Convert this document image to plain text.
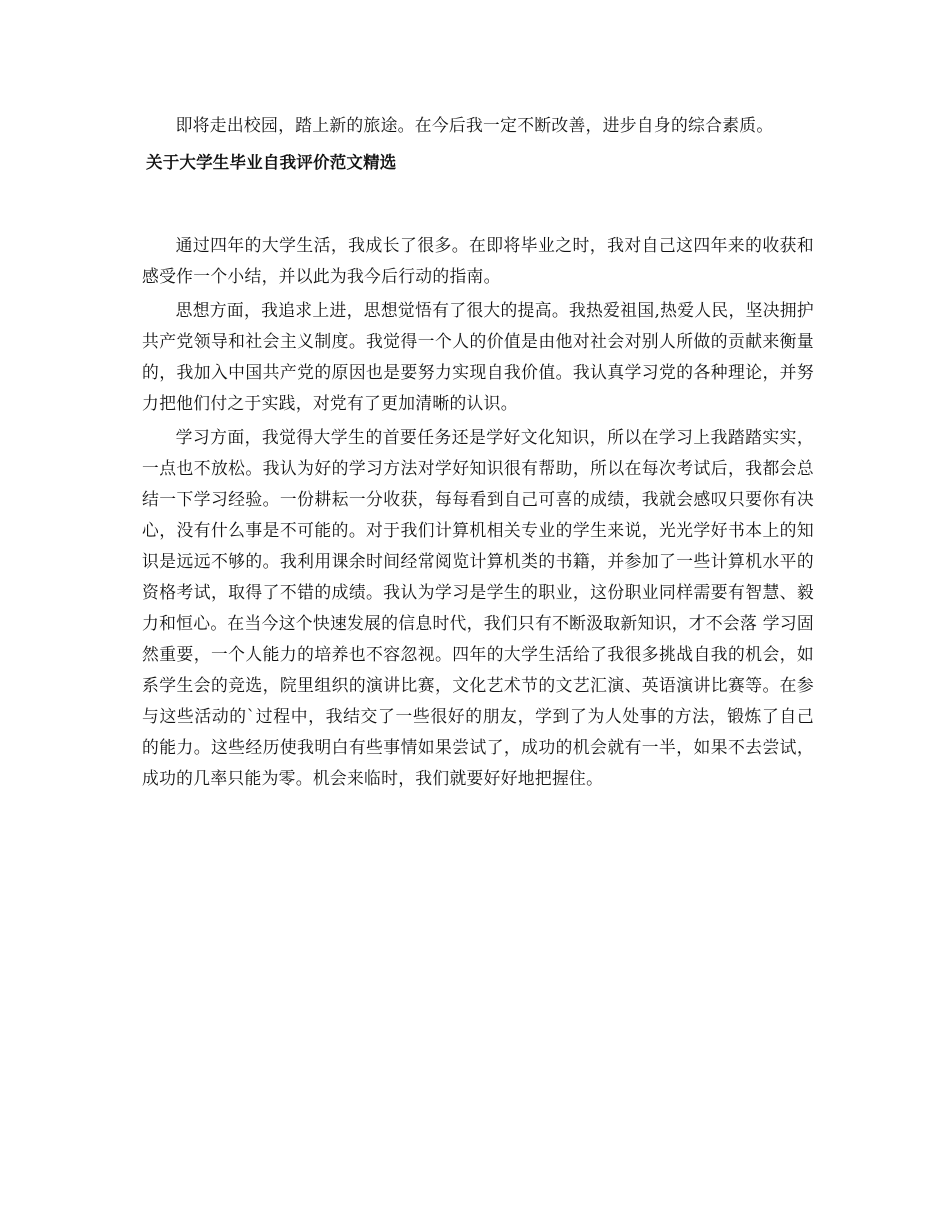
即将走出校园，踏上新的旅途。在今后我一定不断改善，进步自身的综合素质。

关于大学生毕业自我评价范文精选

通过四年的大学生活，我成长了很多。在即将毕业之时，我对自己这四年来的收获和感受作一个小结，并以此为我今后行动的指南。

思想方面，我追求上进，思想觉悟有了很大的提高。我热爱祖国,热爱人民，坚决拥护共产党领导和社会主义制度。我觉得一个人的价值是由他对社会对别人所做的贡献来衡量的，我加入中国共产党的原因也是要努力实现自我价值。我认真学习党的各种理论，并努力把他们付之于实践，对党有了更加清晰的认识。

学习方面，我觉得大学生的首要任务还是学好文化知识，所以在学习上我踏踏实实，一点也不放松。我认为好的学习方法对学好知识很有帮助，所以在每次考试后，我都会总结一下学习经验。一份耕耘一分收获，每每看到自己可喜的成绩，我就会感叹只要你有决心，没有什么事是不可能的。对于我们计算机相关专业的学生来说，光光学好书本上的知识是远远不够的。我利用课余时间经常阅览计算机类的书籍，并参加了一些计算机水平的资格考试，取得了不错的成绩。我认为学习是学生的职业，这份职业同样需要有智慧、毅力和恒心。在当今这个快速发展的信息时代，我们只有不断汲取新知识，才不会落 学习固然重要，一个人能力的培养也不容忽视。四年的大学生活给了我很多挑战自我的机会，如系学生会的竞选，院里组织的演讲比赛，文化艺术节的文艺汇演、英语演讲比赛等。在参与这些活动的`过程中，我结交了一些很好的朋友，学到了为人处事的方法，锻炼了自己的能力。这些经历使我明白有些事情如果尝试了，成功的机会就有一半，如果不去尝试，成功的几率只能为零。机会来临时，我们就要好好地把握住。
